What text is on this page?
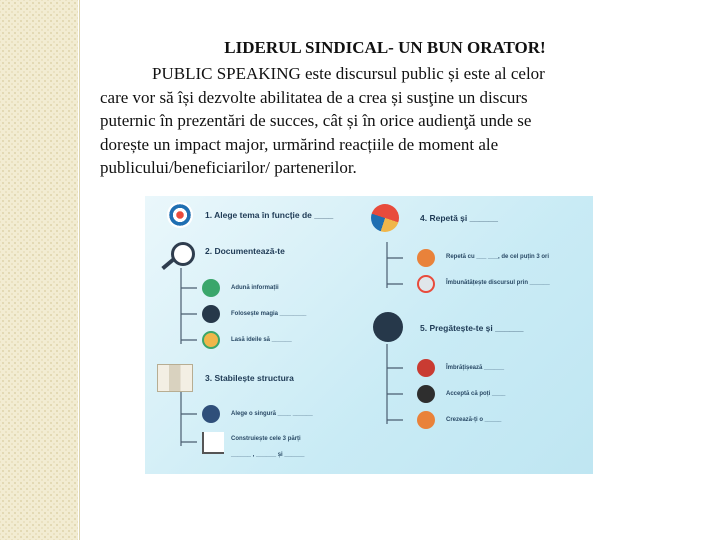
LIDERUL SINDICAL- UN BUN ORATOR!
PUBLIC SPEAKING este discursul public și este al celor
care vor să își dezvolte abilitatea de a crea și susţine un discurs
puternic în prezentări de succes, cât și în orice audienţă unde se
dorește un impact major, urmărind reacțiile de moment ale
publicului/beneficiarilor/ partenerilor.
1. Alege tema în funcție de ____
2. Documentează-te
Adună informații
Folosește magia ________
Lasă ideile să ______
3. Stabilește structura
Alege o singură ____ ______
Construiește cele 3 părți
______ , ______ și ______
4. Repetă și ______
Repetă cu ___ ___, de cel puțin 3 ori
Îmbunătățește discursul prin ______
5. Pregătește-te și ______
Îmbrățișează ______
Acceptă că poți ____
Crezează-ți o _____
